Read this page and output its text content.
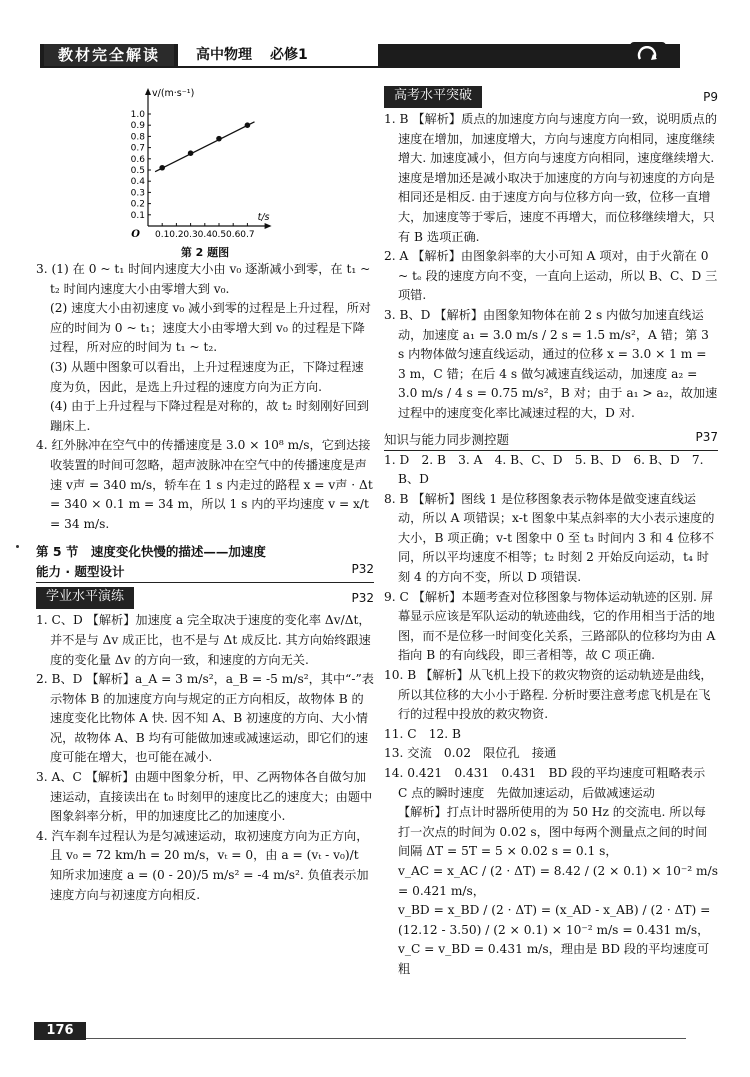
教材完全解读	高中物理 必修1
0.1
0.2
0.3
0.4
0.5
0.6
0.7
0.8
0.9
1.0
0.1 0.2 0.3 0.4 0.5 0.6 0.7
O
v/(m·s⁻¹)
t/s
第 2 题图

3. (1) 在 0 ~ t₁ 时间内速度大小由 v₀ 逐渐减小到零，在 t₁ ~ t₂ 时间内速度大小由零增大到 v₀.

(2) 速度大小由初速度 v₀ 减小到零的过程是上升过程，所对应的时间为 0 ~ t₁；速度大小由零增大到 v₀ 的过程是下降过程，所对应的时间为 t₁ ~ t₂.

(3) 从题中图象可以看出，上升过程速度为正，下降过程速度为负，因此，是选上升过程的速度方向为正方向.

(4) 由于上升过程与下降过程是对称的，故 t₂ 时刻刚好回到蹦床上.

4. 红外脉冲在空气中的传播速度是 3.0 × 10⁸ m/s，它到达接收装置的时间可忽略，超声波脉冲在空气中的传播速度是声速 v声 = 340 m/s，轿车在 1 s 内走过的路程 x = v声 · Δt = 340 × 0.1 m = 34 m，所以 1 s 内的平均速度 v = x/t = 34 m/s.

第 5 节　速度变化快慢的描述——加速度
能力 · 题型设计	P32
学业水平演练	P32

1. C、D 【解析】加速度 a 完全取决于速度的变化率 Δv/Δt，并不是与 Δv 成正比，也不是与 Δt 成反比. 其方向始终跟速度的变化量 Δv 的方向一致，和速度的方向无关.

2. B、D 【解析】a_A = 3 m/s²，a_B = -5 m/s²，其中“-”表示物体 B 的加速度方向与规定的正方向相反，故物体 B 的速度变化比物体 A 快. 因不知 A、B 初速度的方向、大小情况，故物体 A、B 均有可能做加速或减速运动，即它们的速度可能在增大，也可能在减小.

3. A、C 【解析】由题中图象分析，甲、乙两物体各自做匀加速运动，直接读出在 t₀ 时刻甲的速度比乙的速度大；由题中图象斜率分析，甲的加速度比乙的加速度小.

4. 汽车刹车过程认为是匀减速运动，取初速度方向为正方向，且 v₀ = 72 km/h = 20 m/s，vₜ = 0，由 a = (vₜ - v₀)/t 知所求加速度 a = (0 - 20)/5 m/s² = -4 m/s². 负值表示加速度方向与初速度方向相反.

高考水平突破	P9

1. B 【解析】质点的加速度方向与速度方向一致，说明质点的速度在增加，加速度增大，方向与速度方向相同，速度继续增大. 加速度减小，但方向与速度方向相同，速度继续增大. 速度是增加还是减小取决于加速度的方向与初速度的方向是相同还是相反. 由于速度方向与位移方向一致，位移一直增大，加速度等于零后，速度不再增大，而位移继续增大，只有 B 选项正确.

2. A 【解析】由图象斜率的大小可知 A 项对，由于火箭在 0 ~ tₑ 段的速度方向不变，一直向上运动，所以 B、C、D 三项错.

3. B、D 【解析】由图象知物体在前 2 s 内做匀加速直线运动，加速度 a₁ = 3.0 m/s / 2 s = 1.5 m/s²，A 错；第 3 s 内物体做匀速直线运动，通过的位移 x = 3.0 × 1 m = 3 m，C 错；在后 4 s 做匀减速直线运动，加速度 a₂ = 3.0 m/s / 4 s = 0.75 m/s²，B 对；由于 a₁ > a₂，故加速过程中的速度变化率比减速过程的大，D 对.

知识与能力同步测控题	P37

1. D　2. B　3. A　4. B、C、D　5. B、D　6. B、D　7. B、D

8. B 【解析】图线 1 是位移图象表示物体是做变速直线运动，所以 A 项错误；x-t 图象中某点斜率的大小表示速度的大小，B 项正确；v-t 图象中 0 至 t₃ 时间内 3 和 4 位移不同，所以平均速度不相等；t₂ 时刻 2 开始反向运动，t₄ 时刻 4 的方向不变，所以 D 项错误.

9. C 【解析】本题考查对位移图象与物体运动轨迹的区别. 屏幕显示应该是军队运动的轨迹曲线，它的作用相当于活的地图，而不是位移一时间变化关系，三路部队的位移均为由 A 指向 B 的有向线段，即三者相等，故 C 项正确.

10. B 【解析】从飞机上投下的救灾物资的运动轨迹是曲线，所以其位移的大小小于路程. 分析时要注意考虑飞机是在飞行的过程中投放的救灾物资.

11. C　12. B

13. 交流　0.02　限位孔　接通

14. 0.421　0.431　0.431　BD 段的平均速度可粗略表示 C 点的瞬时速度　先做加速运动，后做减速运动

【解析】打点计时器所使用的为 50 Hz 的交流电. 所以每打一次点的时间为 0.02 s，图中每两个测量点之间的时间间隔 ΔT = 5T = 5 × 0.02 s = 0.1 s，

v_AC = x_AC / (2 · ΔT) = 8.42 / (2 × 0.1) × 10⁻² m/s = 0.421 m/s，

v_BD = x_BD / (2 · ΔT) = (x_AD - x_AB) / (2 · ΔT) = (12.12 - 3.50) / (2 × 0.1) × 10⁻² m/s = 0.431 m/s，

v_C = v_BD = 0.431 m/s，理由是 BD 段的平均速度可粗

176
